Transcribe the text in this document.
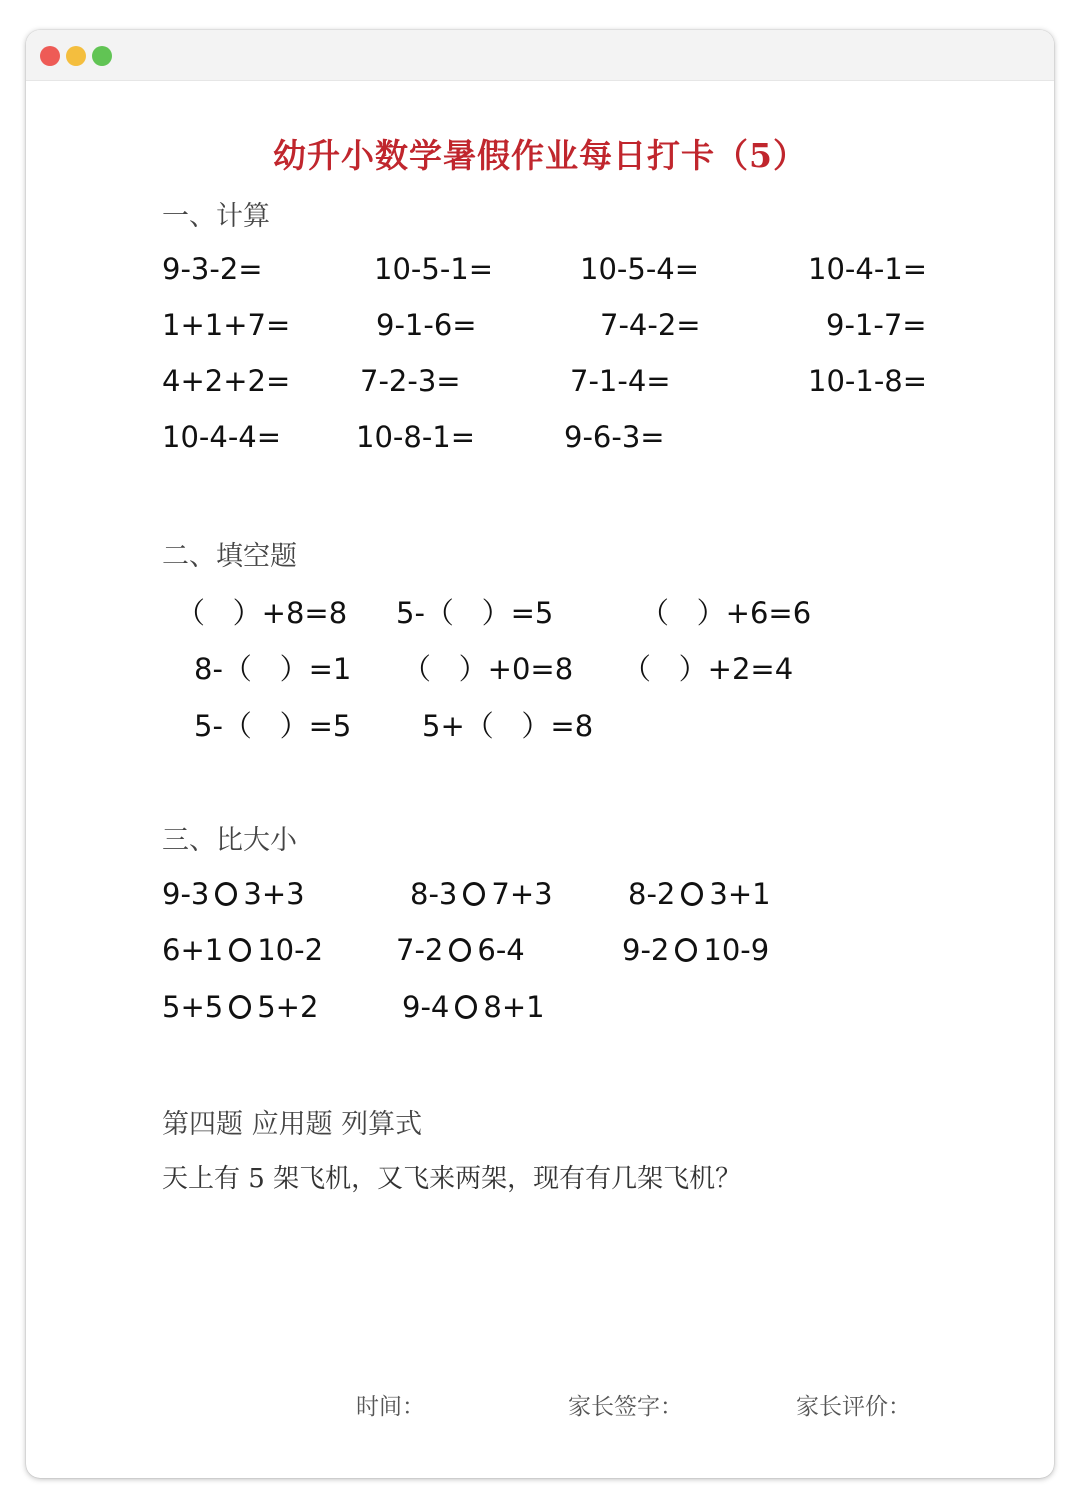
幼升小数学暑假作业每日打卡（5）
一、计算
9-3-2=	10-5-1=	10-5-4=	10-4-1=
1+1+7=	9-1-6=	7-4-2=	9-1-7=
4+2+2= 7-2-3=	7-1-4=	10-1-8=
10-4-4=	10-8-1=	9-6-3=
二、填空题
（   ）+8=8 5-（   ）=5	（   ）+6=6
8-（   ）=1 （   ）+0=8 （   ）+2=4
5-（   ）=5 5+（   ）=8
三、比大小
9-3 3+3	8-3 7+3	8-2 3+1
6+1 10-2	7-2 6-4	9-2 10-9
5+5 5+2	9-4 8+1
第四题 应用题 列算式
天上有 5 架飞机，又飞来两架，现有有几架飞机？
时间：	家长签字：	家长评价：
